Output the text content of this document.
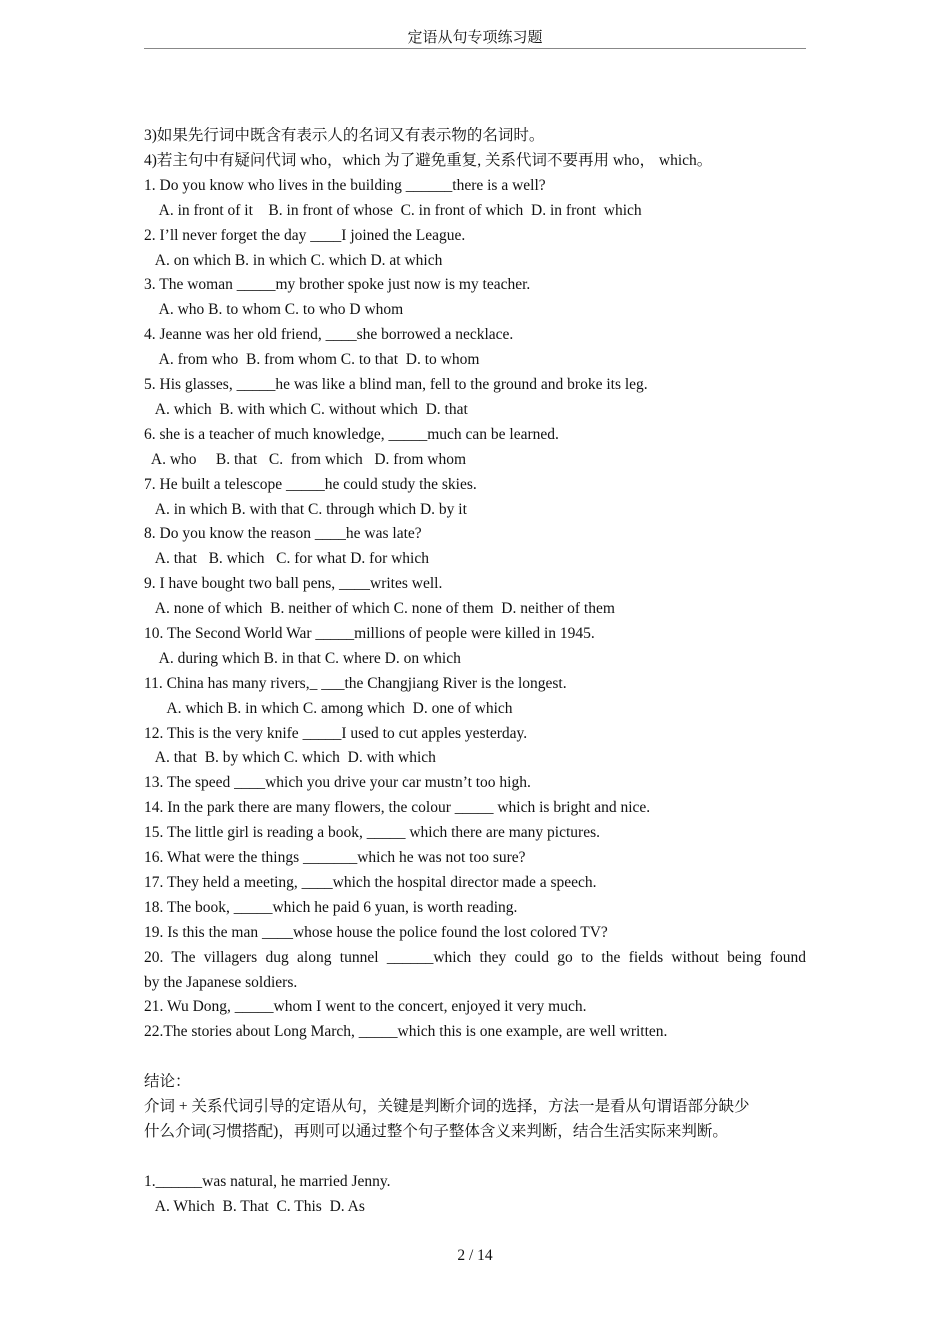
定语从句专项练习题
3)如果先行词中既含有表示人的名词又有表示物的名词时。
4)若主句中有疑问代词 who，which 为了避免重复, 关系代词不要再用 who， which。
1. Do you know who lives in the building ______there is a well?
A. in front of it    B. in front of whose  C. in front of which  D. in front  which
2. I’ll never forget the day ____I joined the League.
A. on which B. in which C. which D. at which
3. The woman _____my brother spoke just now is my teacher.
A. who B. to whom C. to who D whom
4. Jeanne was her old friend, ____she borrowed a necklace.
A. from who  B. from whom C. to that  D. to whom
5. His glasses, _____he was like a blind man, fell to the ground and broke its leg.
A. which  B. with which C. without which  D. that
6. she is a teacher of much knowledge, _____much can be learned.
A. who     B. that   C.  from which   D. from whom
7. He built a telescope _____he could study the skies.
A. in which B. with that C. through which D. by it
8. Do you know the reason ____he was late?
A. that   B. which   C. for what D. for which
9. I have bought two ball pens, ____writes well.
A. none of which  B. neither of which C. none of them  D. neither of them
10. The Second World War _____millions of people were killed in 1945.
A. during which B. in that C. where D. on which
11. China has many rivers,_ ___the Changjiang River is the longest.
A. which B. in which C. among which  D. one of which
12. This is the very knife _____I used to cut apples yesterday.
A. that  B. by which C. which  D. with which
13. The speed ____which you drive your car mustn’t too high.
14. In the park there are many flowers, the colour _____ which is bright and nice.
15. The little girl is reading a book, _____ which there are many pictures.
16. What were the things _______which he was not too sure?
17. They held a meeting, ____which the hospital director made a speech.
18. The book, _____which he paid 6 yuan, is worth reading.
19. Is this the man ____whose house the police found the lost colored TV?
20. The villagers dug along tunnel ______which they could go to the fields without being found
by the Japanese soldiers.
21. Wu Dong, _____whom I went to the concert, enjoyed it very much.
22.The stories about Long March, _____which this is one example, are well written.
结论：
介词 + 关系代词引导的定语从句，关键是判断介词的选择，方法一是看从句谓语部分缺少
什么介词(习惯搭配)，再则可以通过整个句子整体含义来判断，结合生活实际来判断。
1.______was natural, he married Jenny.
A. Which  B. That  C. This  D. As
2 / 14
